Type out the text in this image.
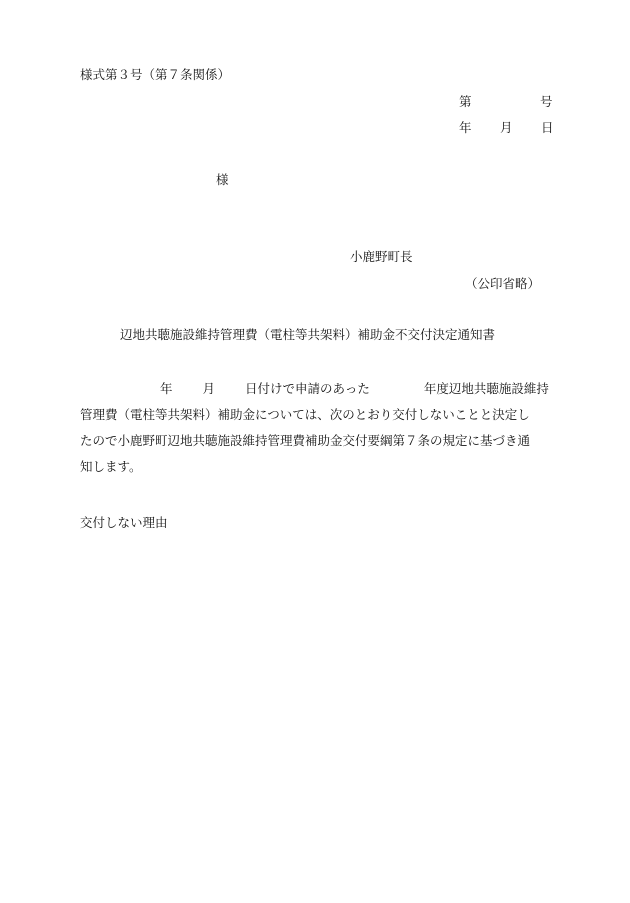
様式第３号（第７条関係）
第	号
年 月 日
様
小鹿野町長
（公印省略）
辺地共聴施設維持管理費（電柱等共架料）補助金不交付決定通知書
年 月 日付けで申請のあった	年度辺地共聴施設維持
管理費（電柱等共架料）補助金については、次のとおり交付しないことと決定し
たので小鹿野町辺地共聴施設維持管理費補助金交付要綱第７条の規定に基づき通
知します。
交付しない理由
